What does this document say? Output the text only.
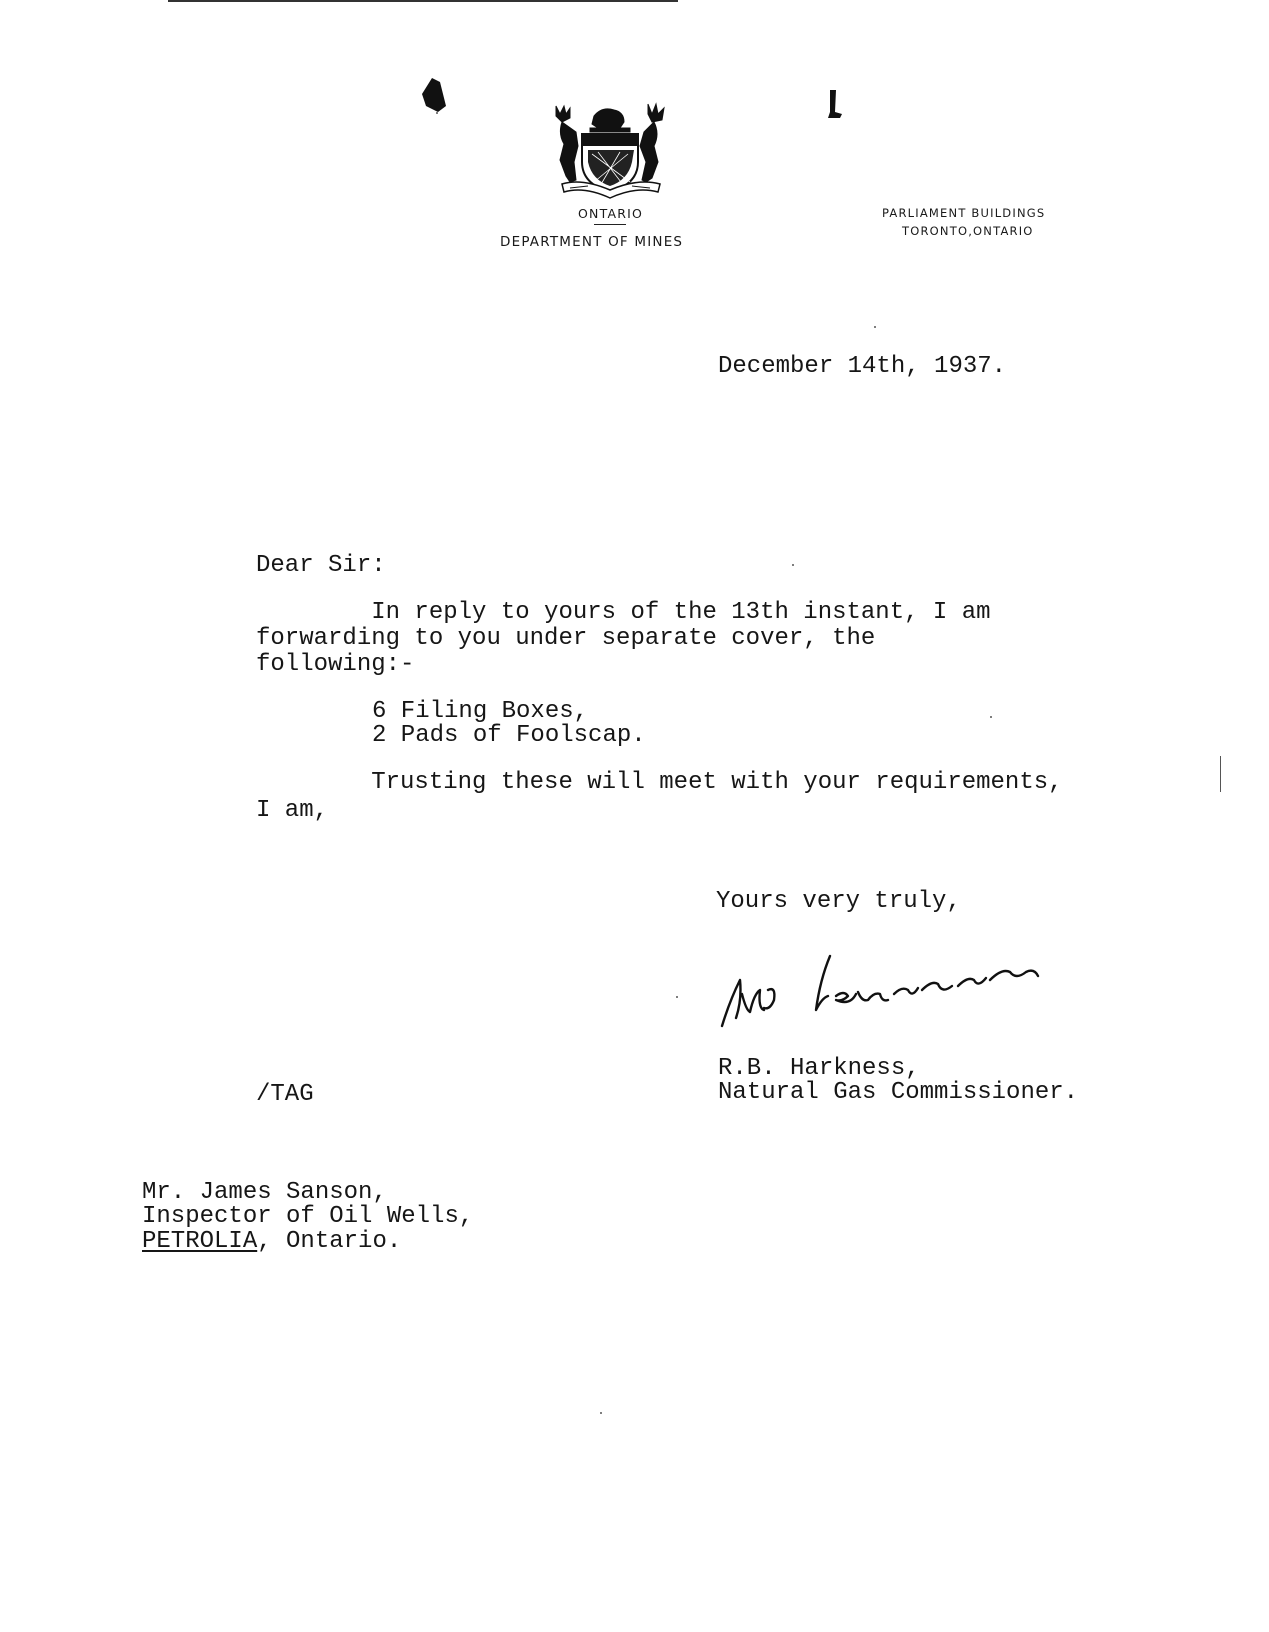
ONTARIO
DEPARTMENT OF MINES
PARLIAMENT BUILDINGS
TORONTO,ONTARIO
December 14th, 1937.
Dear Sir:
In reply to yours of the 13th instant, I am
forwarding to you under separate cover, the
following:-
6 Filing Boxes,
2 Pads of Foolscap.
Trusting these will meet with your requirements,
I am,
Yours very truly,
R.B. Harkness,
Natural Gas Commissioner.
/TAG
Mr. James Sanson,
Inspector of Oil Wells,
PETROLIA, Ontario.
